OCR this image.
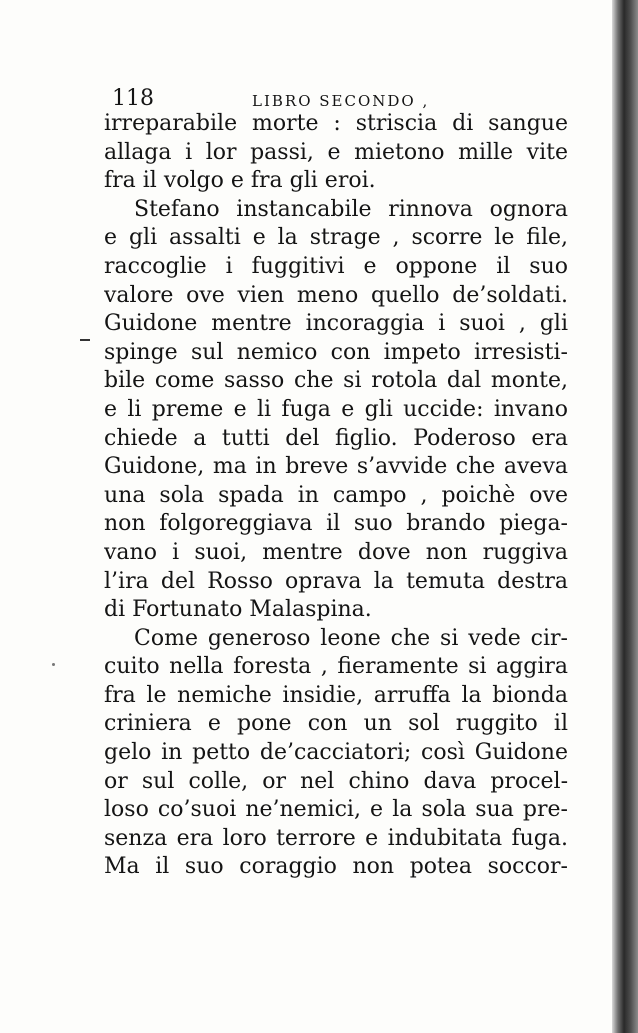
118	LIBRO SECONDO ,
irreparabile morte : striscia di sangue
allaga i lor passi, e mietono mille vite
fra il volgo e fra gli eroi.
Stefano instancabile rinnova ognora
e gli assalti e la strage , scorre le file,
raccoglie i fuggitivi e oppone il suo
valore ove vien meno quello de’soldati.
Guidone mentre incoraggia i suoi , gli
spinge sul nemico con impeto irresisti-
bile come sasso che si rotola dal monte,
e li preme e li fuga e gli uccide: invano
chiede a tutti del figlio. Poderoso era
Guidone, ma in breve s’avvide che aveva
una sola spada in campo , poichè ove
non folgoreggiava il suo brando piega-
vano i suoi, mentre dove non ruggiva
l’ira del Rosso oprava la temuta destra
di Fortunato Malaspina.
Come generoso leone che si vede cir-
cuito nella foresta , fieramente si aggira
fra le nemiche insidie, arruffa la bionda
criniera e pone con un sol ruggito il
gelo in petto de’cacciatori; così Guidone
or sul colle, or nel chino dava procel-
loso co’suoi ne’nemici, e la sola sua pre-
senza era loro terrore e indubitata fuga.
Ma il suo coraggio non potea soccor-
